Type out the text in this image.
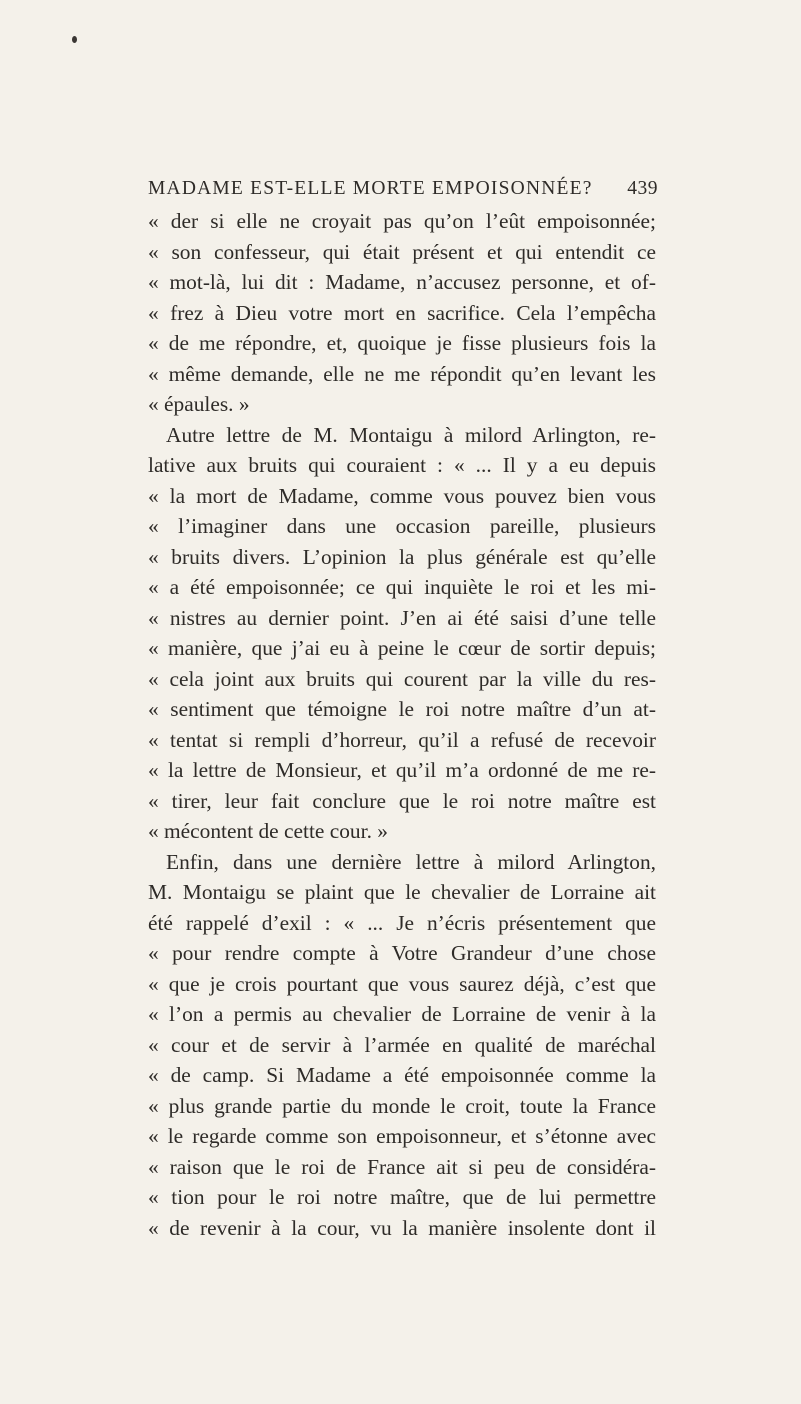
MADAME EST-ELLE MORTE EMPOISONNÉE? 439
« der si elle ne croyait pas qu’on l’eût empoisonnée;
« son confesseur, qui était présent et qui entendit ce
« mot-là, lui dit : Madame, n’accusez personne, et of-
« frez à Dieu votre mort en sacrifice. Cela l’empêcha
« de me répondre, et, quoique je fisse plusieurs fois la
« même demande, elle ne me répondit qu’en levant les
« épaules. »
Autre lettre de M. Montaigu à milord Arlington, re-
lative aux bruits qui couraient : « ... Il y a eu depuis
« la mort de Madame, comme vous pouvez bien vous
« l’imaginer dans une occasion pareille, plusieurs
« bruits divers. L’opinion la plus générale est qu’elle
« a été empoisonnée; ce qui inquiète le roi et les mi-
« nistres au dernier point. J’en ai été saisi d’une telle
« manière, que j’ai eu à peine le cœur de sortir depuis;
« cela joint aux bruits qui courent par la ville du res-
« sentiment que témoigne le roi notre maître d’un at-
« tentat si rempli d’horreur, qu’il a refusé de recevoir
« la lettre de Monsieur, et qu’il m’a ordonné de me re-
« tirer, leur fait conclure que le roi notre maître est
« mécontent de cette cour. »
Enfin, dans une dernière lettre à milord Arlington,
M. Montaigu se plaint que le chevalier de Lorraine ait
été rappelé d’exil : « ... Je n’écris présentement que
« pour rendre compte à Votre Grandeur d’une chose
« que je crois pourtant que vous saurez déjà, c’est que
« l’on a permis au chevalier de Lorraine de venir à la
« cour et de servir à l’armée en qualité de maréchal
« de camp. Si Madame a été empoisonnée comme la
« plus grande partie du monde le croit, toute la France
« le regarde comme son empoisonneur, et s’étonne avec
« raison que le roi de France ait si peu de considéra-
« tion pour le roi notre maître, que de lui permettre
« de revenir à la cour, vu la manière insolente dont il
